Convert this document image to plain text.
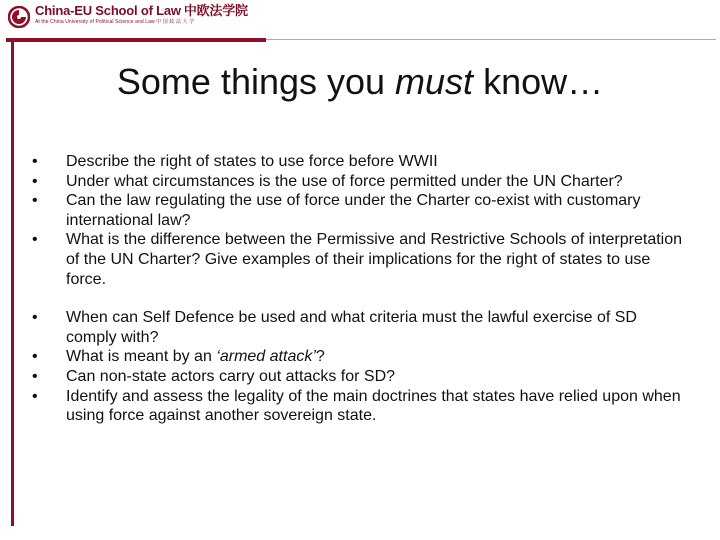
China-EU School of Law 中欧法学院
At the China University of Political Science and Law 中 国 政 法 大 学
Some things you must know…
• Describe the right of states to use force before WWII
• Under what circumstances is the use of force permitted under the UN Charter?
• Can the law regulating the use of force under the Charter co-exist with customary international law?
• What is the difference between the Permissive and Restrictive Schools of interpretation of the UN Charter? Give examples of their implications for the right of states to use force.
• When can Self Defence be used and what criteria must the lawful exercise of SD comply with?
• What is meant by an ‘armed attack’?
• Can non-state actors carry out attacks for SD?
• Identify and assess the legality of the main doctrines that states have relied upon when using force against another sovereign state.
